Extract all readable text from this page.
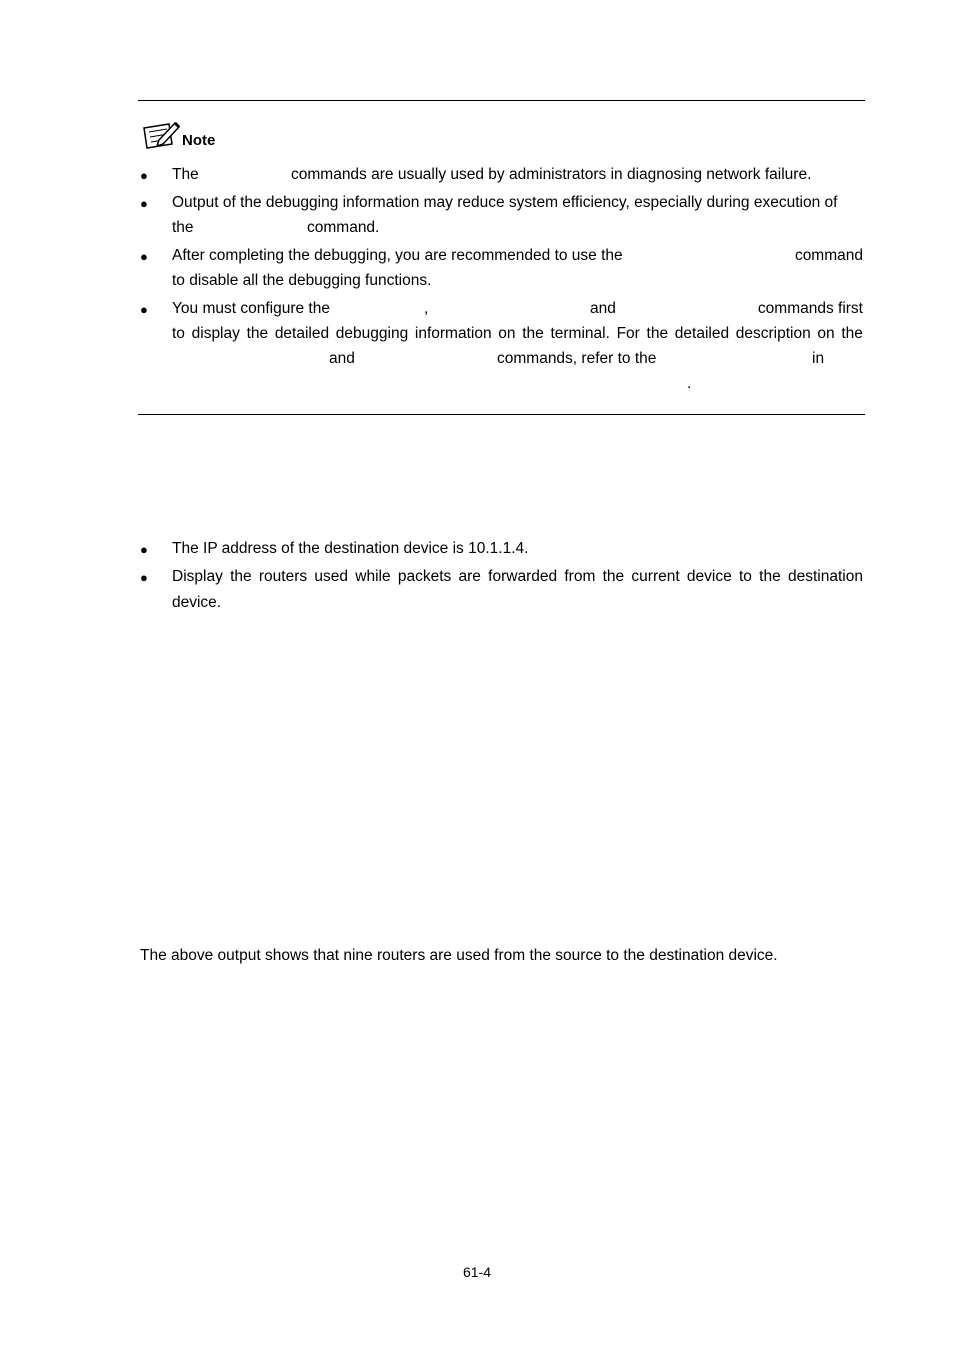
Note
● The	commands are usually used by administrators in diagnosing network failure.
● Output of the debugging information may reduce system efficiency, especially during execution of
the	command.
● After completing the debugging, you are recommended to use the	command
to disable all the debugging functions.
● You must configure the	,	and	commands first
to display the detailed debugging information on the terminal. For the detailed description on the
and	commands, refer to the	in
.
● The IP address of the destination device is 10.1.1.4.
● Display the routers used while packets are forwarded from the current device to the destination
device.
The above output shows that nine routers are used from the source to the destination device.
61-4
